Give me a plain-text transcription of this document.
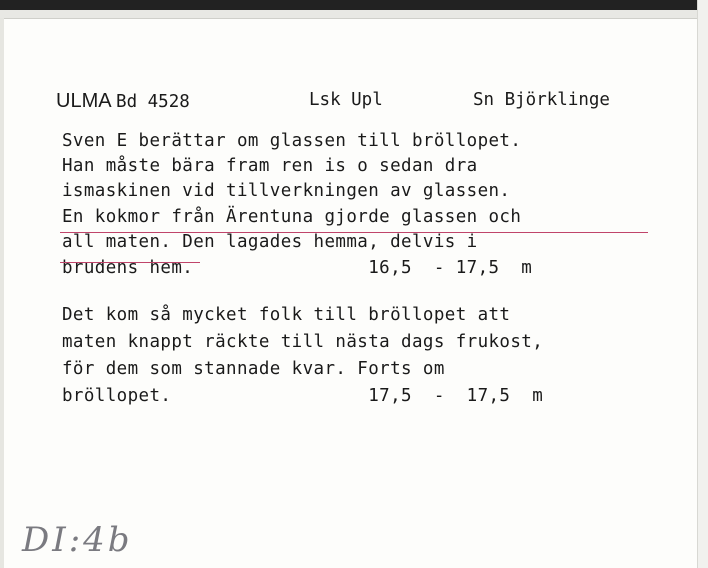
ULMA Bd 4528	Lsk Upl	Sn Björklinge
Sven E berättar om glassen till bröllopet.
Han måste bära fram ren is o sedan dra
ismaskinen vid tillverkningen av glassen.
En kokmor från Ärentuna gjorde glassen och
all maten. Den lagades hemma, delvis i
brudens hem.                16,5  - 17,5  m
Det kom så mycket folk till bröllopet att
maten knappt räckte till nästa dags frukost,
för dem som stannade kvar. Forts om
bröllopet.                  17,5  -  17,5  m
DI:4b
